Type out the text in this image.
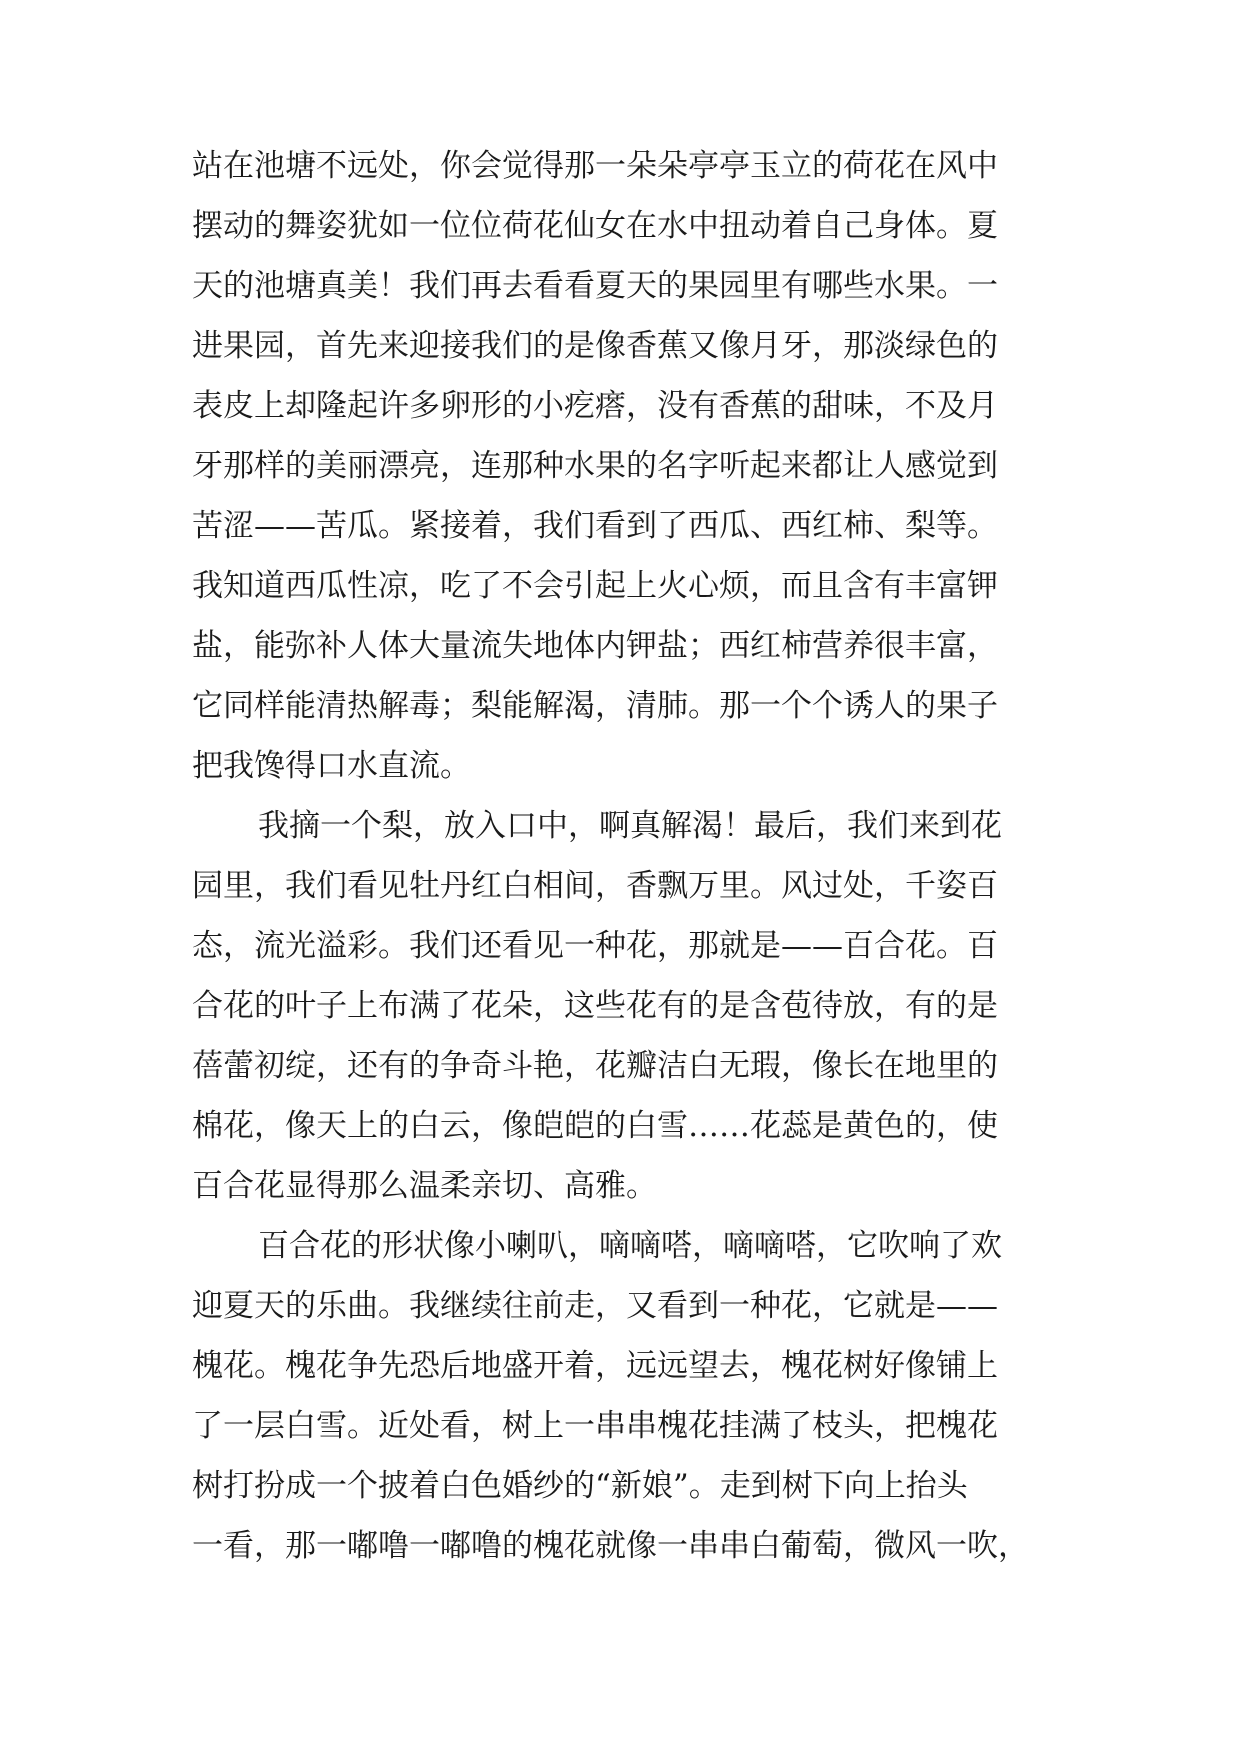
站在池塘不远处，你会觉得那一朵朵亭亭玉立的荷花在风中
摆动的舞姿犹如一位位荷花仙女在水中扭动着自己身体。夏
天的池塘真美！我们再去看看夏天的果园里有哪些水果。一
进果园，首先来迎接我们的是像香蕉又像月牙，那淡绿色的
表皮上却隆起许多卵形的小疙瘩，没有香蕉的甜味，不及月
牙那样的美丽漂亮，连那种水果的名字听起来都让人感觉到
苦涩——苦瓜。紧接着，我们看到了西瓜、西红柿、梨等。
我知道西瓜性凉，吃了不会引起上火心烦，而且含有丰富钾
盐，能弥补人体大量流失地体内钾盐；西红柿营养很丰富，
它同样能清热解毒；梨能解渴，清肺。那一个个诱人的果子
把我馋得口水直流。
我摘一个梨，放入口中，啊真解渴！最后，我们来到花
园里，我们看见牡丹红白相间，香飘万里。风过处，千姿百
态，流光溢彩。我们还看见一种花，那就是——百合花。百
合花的叶子上布满了花朵，这些花有的是含苞待放，有的是
蓓蕾初绽，还有的争奇斗艳，花瓣洁白无瑕，像长在地里的
棉花，像天上的白云，像皑皑的白雪……花蕊是黄色的，使
百合花显得那么温柔亲切、高雅。
百合花的形状像小喇叭，嘀嘀嗒，嘀嘀嗒，它吹响了欢
迎夏天的乐曲。我继续往前走，又看到一种花，它就是——
槐花。槐花争先恐后地盛开着，远远望去，槐花树好像铺上
了一层白雪。近处看，树上一串串槐花挂满了枝头，把槐花
树打扮成一个披着白色婚纱的“新娘”。走到树下向上抬头
一看，那一嘟噜一嘟噜的槐花就像一串串白葡萄，微风一吹，
